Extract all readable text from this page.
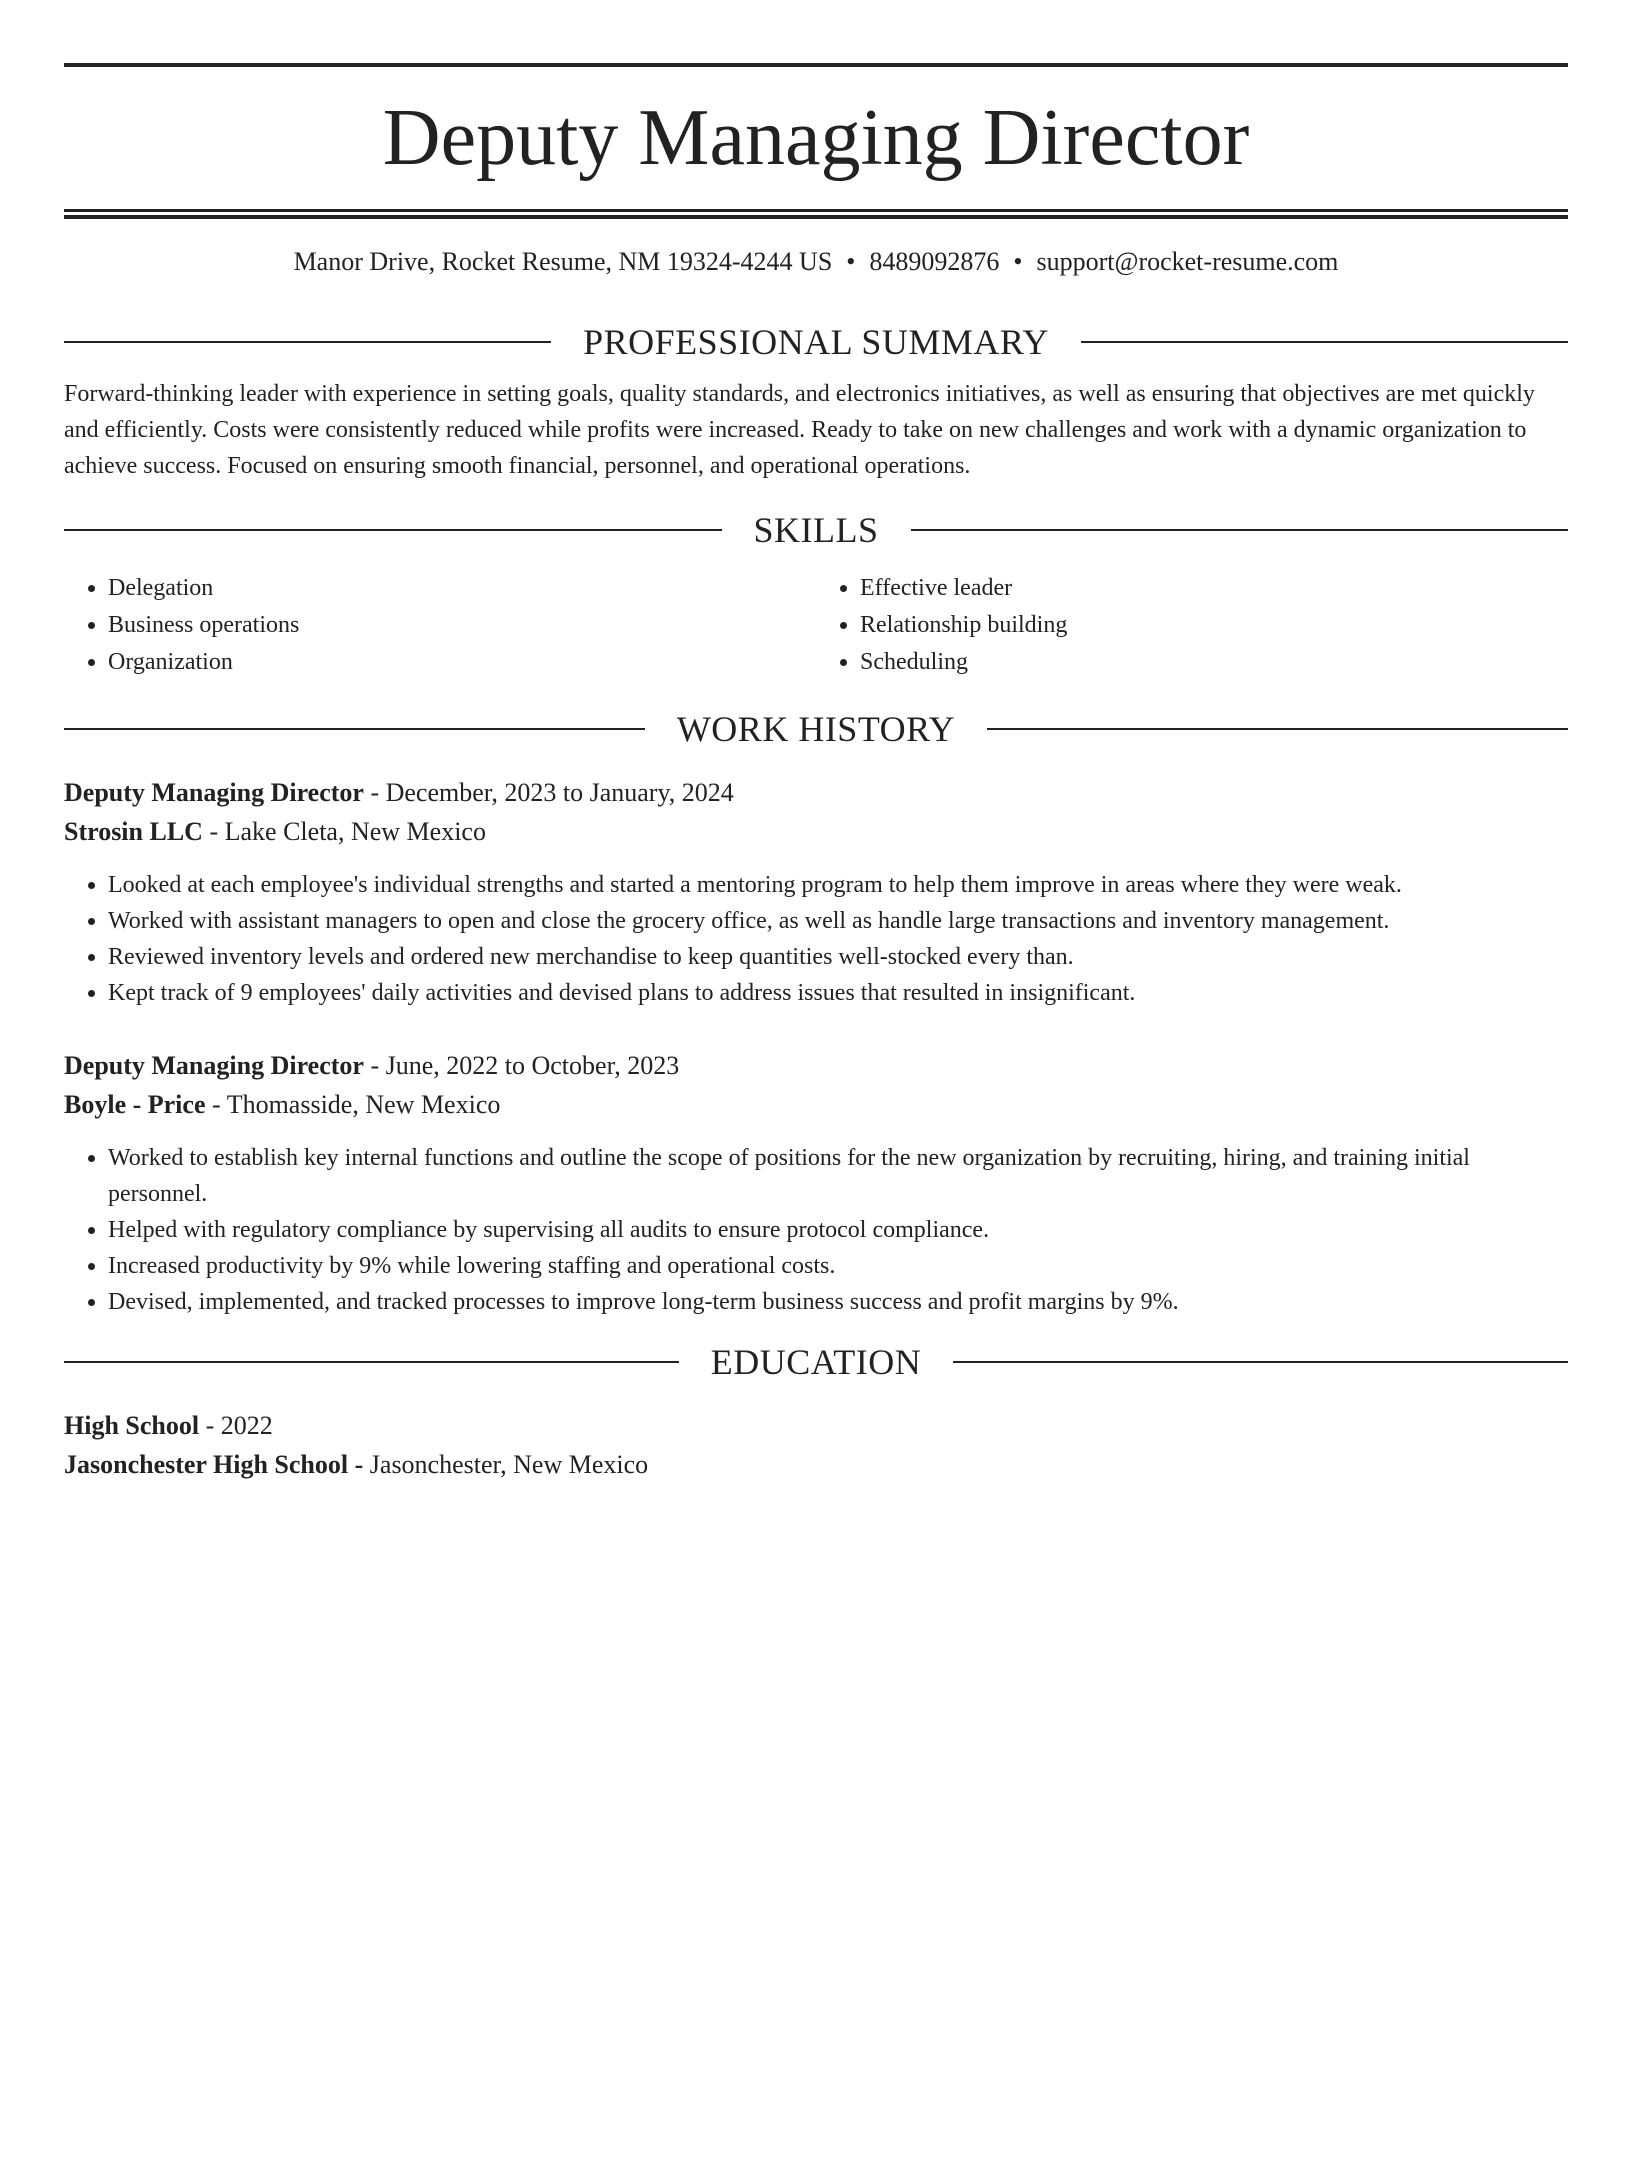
Deputy Managing Director
Manor Drive, Rocket Resume, NM 19324-4244 US • 8489092876 • support@rocket-resume.com
PROFESSIONAL SUMMARY

Forward-thinking leader with experience in setting goals, quality standards, and electronics initiatives, as well as ensuring that objectives are met quickly and efficiently. Costs were consistently reduced while profits were increased. Ready to take on new challenges and work with a dynamic organization to achieve success. Focused on ensuring smooth financial, personnel, and operational operations.

SKILLS
• Delegation
• Business operations
• Organization
• Effective leader
• Relationship building
• Scheduling
WORK HISTORY
Deputy Managing Director - December, 2023 to January, 2024
Strosin LLC - Lake Cleta, New Mexico
• Looked at each employee's individual strengths and started a mentoring program to help them improve in areas where they were weak.
• Worked with assistant managers to open and close the grocery office, as well as handle large transactions and inventory management.
• Reviewed inventory levels and ordered new merchandise to keep quantities well-stocked every than.
• Kept track of 9 employees' daily activities and devised plans to address issues that resulted in insignificant.
Deputy Managing Director - June, 2022 to October, 2023
Boyle - Price - Thomasside, New Mexico
• Worked to establish key internal functions and outline the scope of positions for the new organization by recruiting, hiring, and training initial personnel.
• Helped with regulatory compliance by supervising all audits to ensure protocol compliance.
• Increased productivity by 9% while lowering staffing and operational costs.
• Devised, implemented, and tracked processes to improve long-term business success and profit margins by 9%.
EDUCATION
High School - 2022
Jasonchester High School - Jasonchester, New Mexico
